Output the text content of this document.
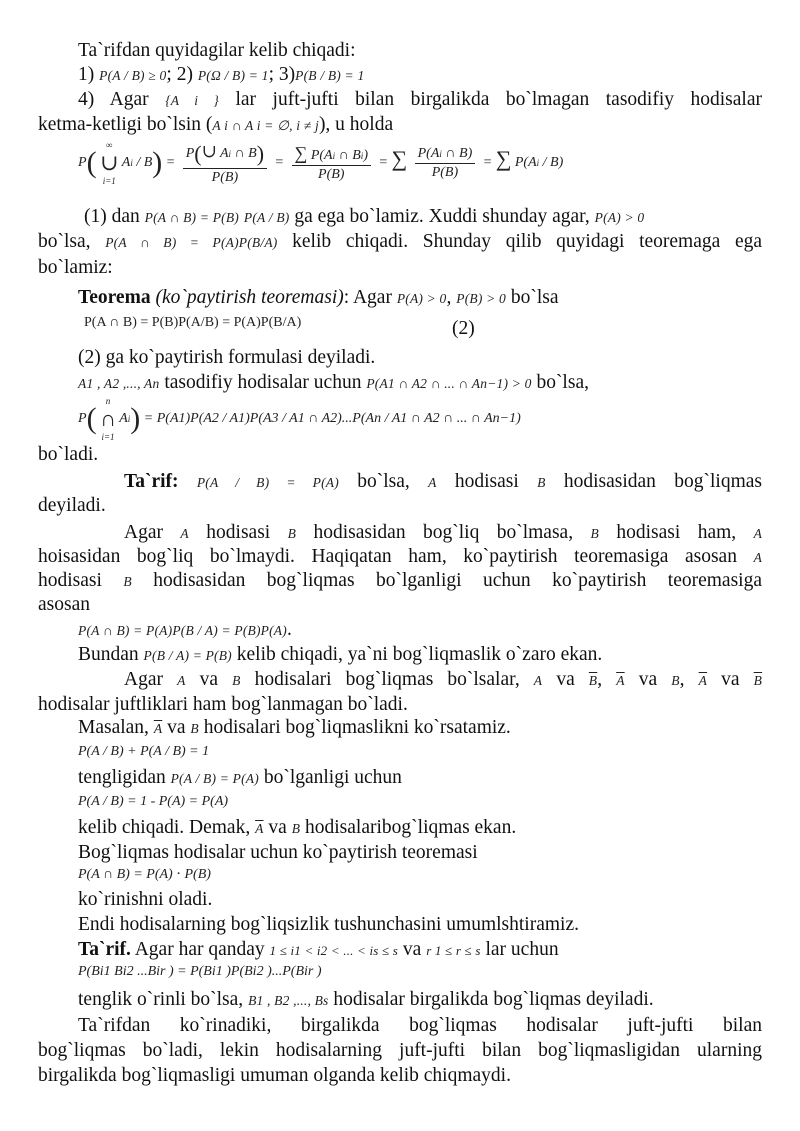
Ta`rifdan quyidagilar kelib chiqadi:
1) P(A / B) ≥ 0; 2) P(Ω / B) = 1; 3)P(B / B) = 1
4) Agar {A i } lar juft-jufti bilan birgalikda bo`lmagan tasodifiy hodisalar
ketma-ketligi bo`lsin (A i ∩ A i = ∅, i ≠ j), u holda
P(
∞
∪
i=1
$Ai / B) = \frac{P(\cup Ai \cap B)}{P(B)} = \frac{\sum P(Ai \cap Bi)}{P(B)}$ = ∑ $\frac{P(Ai \cap B)}{P(B)}$ = ∑ P(Ai / B)
(1) dan P(A ∩ B) = P(B) P(A / B) ga ega bo`lamiz. Xuddi shunday agar, P(A) > 0
bo`lsa, P(A ∩ B) = P(A)P(B/A) kelib chiqadi. Shunday qilib quyidagi teoremaga ega
bo`lamiz:
Teorema (ko`paytirish teoremasi): Agar P(A) > 0, P(B) > 0 bo`lsa
P(A ∩ B) = P(B)P(A/B) = P(A)P(B/A)	(2)
(2) ga ko`paytirish formulasi deyiladi.
A1 , A2 ,..., An tasodifiy hodisalar uchun P(A1 ∩ A2 ∩ ... ∩ An−1) > 0 bo`lsa,
P(
n
∩
i=1
Ai) = P(A1)P(A2 / A1)P(A3 / A1 ∩ A2)...P(An / A1 ∩ A2 ∩ ... ∩ An−1)
bo`ladi.
Ta`rif: P(A / B) = P(A) bo`lsa, A hodisasi B hodisasidan bog`liqmas
deyiladi.
Agar A hodisasi B hodisasidan bog`liq bo`lmasa, B hodisasi ham, A
hoisasidan bog`liq bo`lmaydi. Haqiqatan ham, ko`paytirish teoremasiga asosan A
hodisasi B hodisasidan bog`liqmas bo`lganligi uchun ko`paytirish teoremasiga
asosan
P(A ∩ B) = P(A)P(B / A) = P(B)P(A).
Bundan P(B / A) = P(B) kelib chiqadi, ya`ni bog`liqmaslik o`zaro ekan.
Agar A va B hodisalari bog`liqmas bo`lsalar, A va $\overline{B}$, $\overline{A}$ va B, $\overline{A}$ va $\overline{B}$
hodisalar juftliklari ham bog`lanmagan bo`ladi.
Masalan, $\overline{A}$ va B hodisalari bog`liqmaslikni ko`rsatamiz.
P(A / B) + P(A / B) = 1
tengligidan P(A / B) = P(A) bo`lganligi uchun
P(A / B) = 1 - P(A) = P(A)
kelib chiqadi. Demak, $\overline{A}$ va B hodisalaribog`liqmas ekan.
Bog`liqmas hodisalar uchun ko`paytirish teoremasi
P(A ∩ B) = P(A) ⋅ P(B)
ko`rinishni oladi.
Endi hodisalarning bog`liqsizlik tushunchasini umumlshtiramiz.
Ta`rif. Agar har qanday 1 ≤ i1 < i2 < ... < is ≤ s va r 1 ≤ r ≤ s lar uchun
P(Bi1 Bi2 ...Bir ) = P(Bi1 )P(Bi2 )...P(Bir )
tenglik o`rinli bo`lsa, B1 , B2 ,..., Bs hodisalar birgalikda bog`liqmas deyiladi.
Ta`rifdan ko`rinadiki, birgalikda bog`liqmas hodisalar juft-jufti bilan
bog`liqmas bo`ladi, lekin hodisalarning juft-jufti bilan bog`liqmasligidan ularning
birgalikda bog`liqmasligi umuman olganda kelib chiqmaydi.
